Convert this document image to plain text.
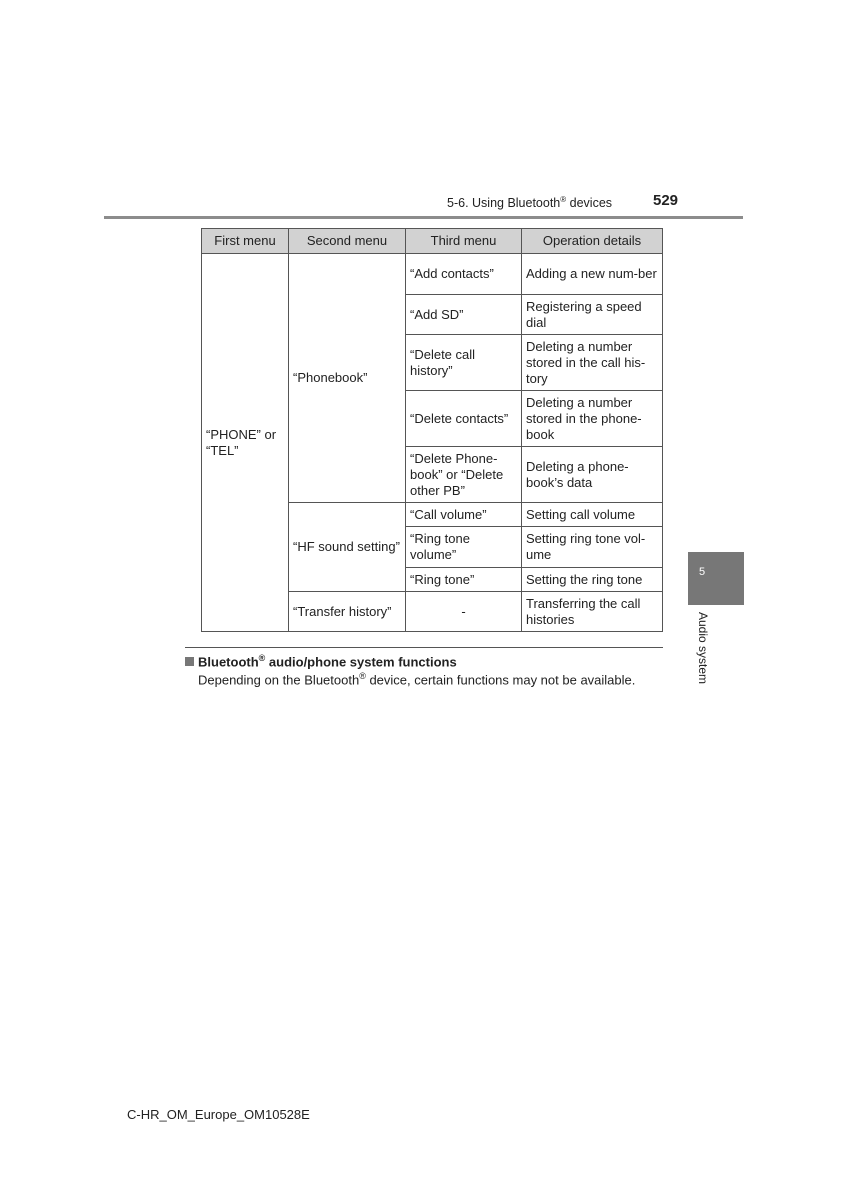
5-6. Using Bluetooth® devices	529
First menu	Second menu	Third menu	Operation details
“PHONE” or “TEL”	“Phonebook”	“Add contacts”	Adding a new num-ber
		“Add SD”	Registering a speed dial
		“Delete call history”	Deleting a number stored in the call his-tory
		“Delete contacts”	Deleting a number stored in the phone-book
		“Delete Phone-book” or “Delete other PB”	Deleting a phone-book’s data
	“HF sound setting”	“Call volume”	Setting call volume
		“Ring tone volume”	Setting ring tone vol-ume
		“Ring tone”	Setting the ring tone
	“Transfer history”	-	Transferring the call histories
Bluetooth® audio/phone system functions
Depending on the Bluetooth® device, certain functions may not be available.
5
Audio system
C-HR_OM_Europe_OM10528E
